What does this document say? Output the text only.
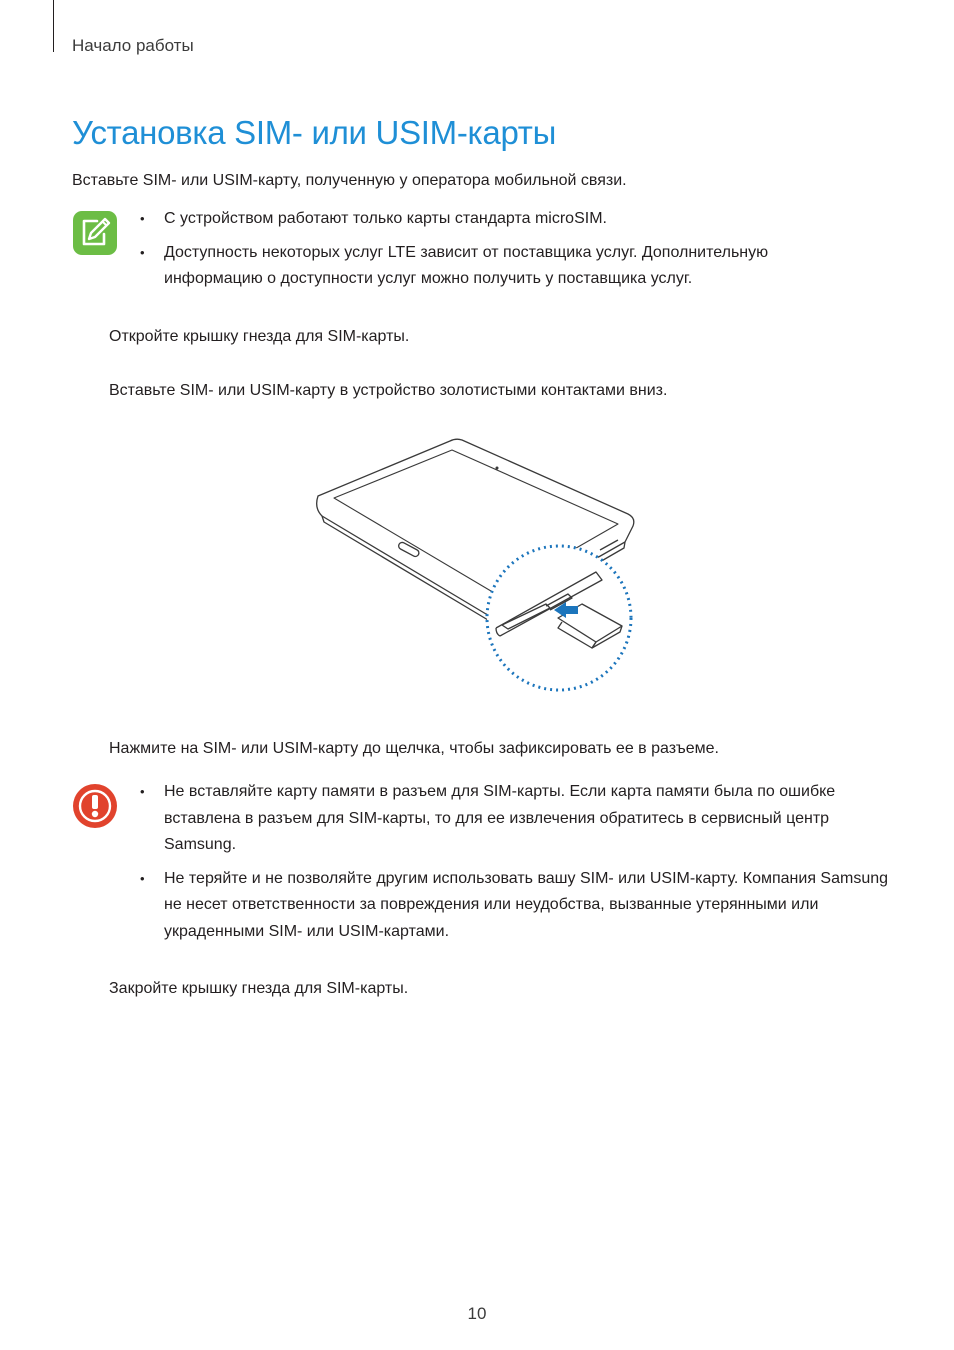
Начало работы
Установка SIM- или USIM-карты
Вставьте SIM- или USIM-карту, полученную у оператора мобильной связи.
• С устройством работают только карты стандарта microSIM.
• Доступность некоторых услуг LTE зависит от поставщика услуг. Дополнительную информацию о доступности услуг можно получить у поставщика услуг.
Откройте крышку гнезда для SIM-карты.
Вставьте SIM- или USIM-карту в устройство золотистыми контактами вниз.
Нажмите на SIM- или USIM-карту до щелчка, чтобы зафиксировать ее в разъеме.
• Не вставляйте карту памяти в разъем для SIM-карты. Если карта памяти была по ошибке вставлена в разъем для SIM-карты, то для ее извлечения обратитесь в сервисный центр Samsung.
• Не теряйте и не позволяйте другим использовать вашу SIM- или USIM-карту. Компания Samsung не несет ответственности за повреждения или неудобства, вызванные утерянными или украденными SIM- или USIM-картами.
Закройте крышку гнезда для SIM-карты.
10
